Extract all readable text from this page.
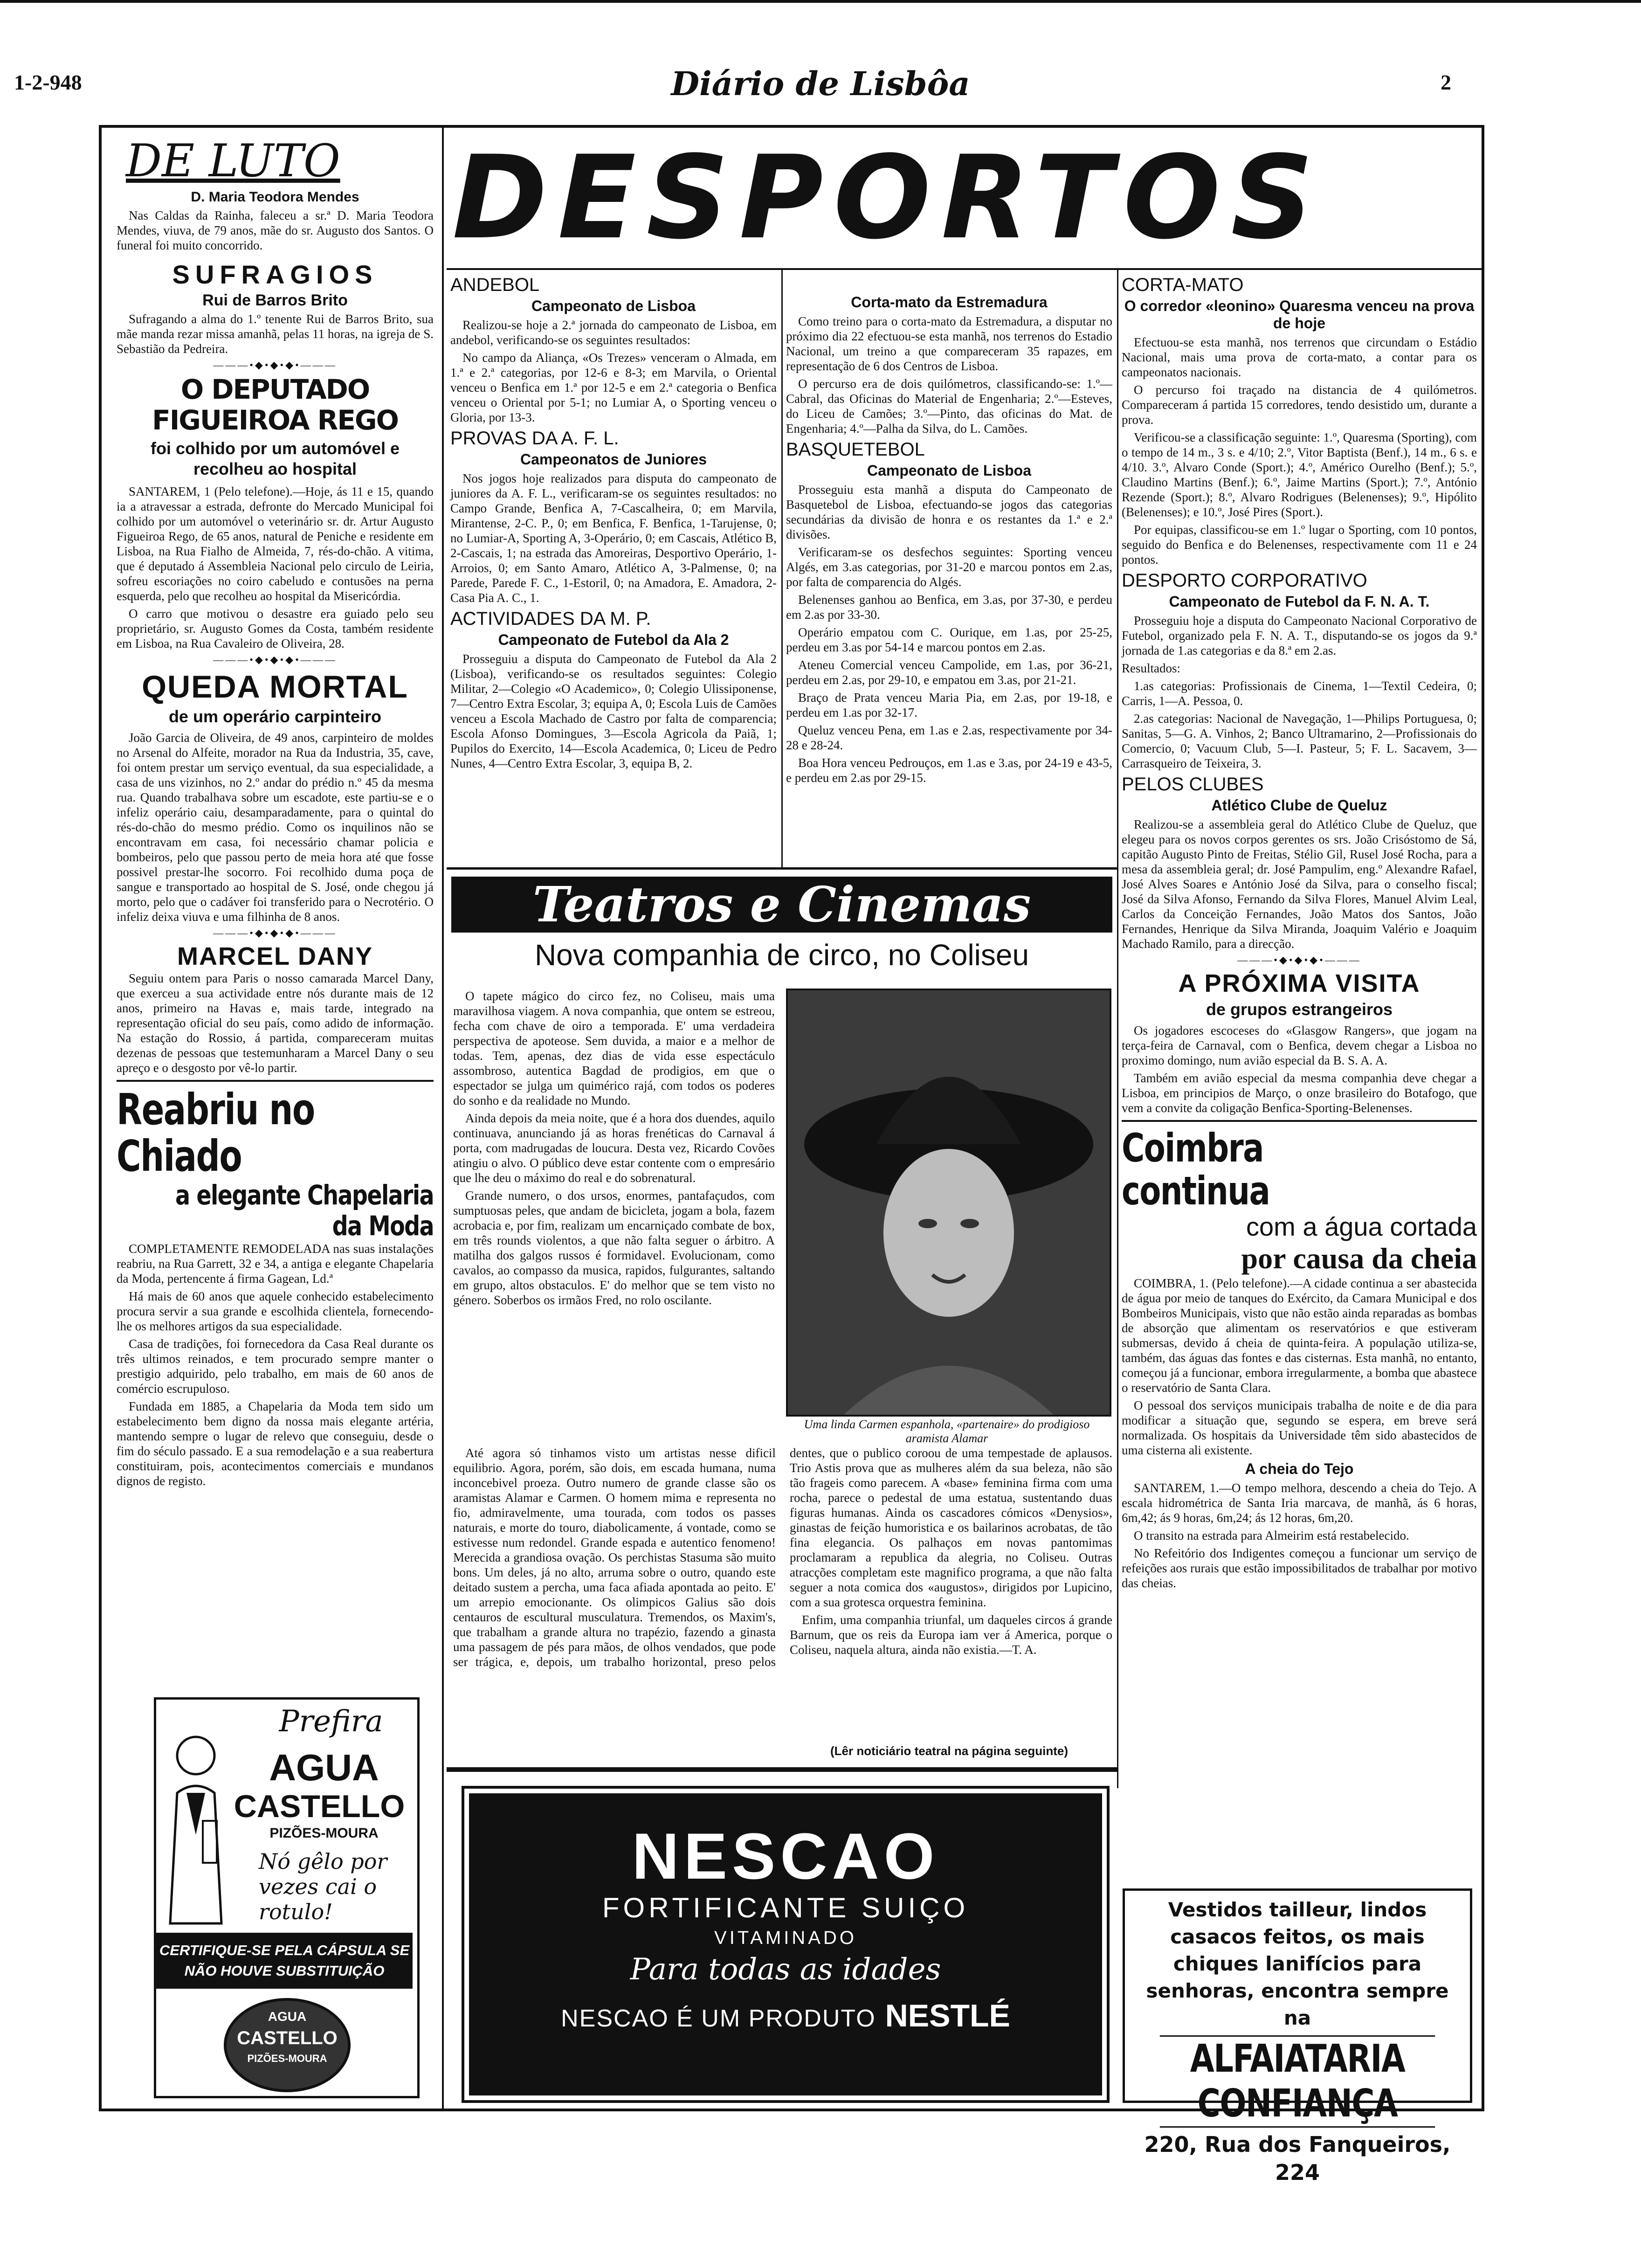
1-2-948	Diário de Lisbôa	2
DE LUTO
D. Maria Teodora Mendes

Nas Caldas da Rainha, faleceu a sr.ª D. Maria Teodora Mendes, viuva, de 79 anos, mãe do sr. Augusto dos Santos. O funeral foi muito concorrido.

SUFRAGIOS
Rui de Barros Brito

Sufragando a alma do 1.º tenente Rui de Barros Brito, sua mãe manda rezar missa amanhã, pelas 11 horas, na igreja de S. Sebastião da Pedreira.

———•◆•◆•◆•———
O DEPUTADO FIGUEIROA REGO
foi colhido por um automóvel e recolheu ao hospital

SANTAREM, 1 (Pelo telefone).—Hoje, ás 11 e 15, quando ia a atravessar a estrada, defronte do Mercado Municipal foi colhido por um automóvel o veterinário sr. dr. Artur Augusto Figueiroa Rego, de 65 anos, natural de Peniche e residente em Lisboa, na Rua Fialho de Almeida, 7, rés-do-chão. A vitima, que é deputado á Assembleia Nacional pelo circulo de Leiria, sofreu escoriações no coiro cabeludo e contusões na perna esquerda, pelo que recolheu ao hospital da Misericórdia.

O carro que motivou o desastre era guiado pelo seu proprietário, sr. Augusto Gomes da Costa, também residente em Lisboa, na Rua Cavaleiro de Oliveira, 28.

———•◆•◆•◆•———
QUEDA MORTAL
de um operário carpinteiro

João Garcia de Oliveira, de 49 anos, carpinteiro de moldes no Arsenal do Alfeite, morador na Rua da Industria, 35, cave, foi ontem prestar um serviço eventual, da sua especialidade, a casa de uns vizinhos, no 2.º andar do prédio n.º 45 da mesma rua. Quando trabalhava sobre um escadote, este partiu-se e o infeliz operário caiu, desamparadamente, para o quintal do rés-do-chão do mesmo prédio. Como os inquilinos não se encontravam em casa, foi necessário chamar policia e bombeiros, pelo que passou perto de meia hora até que fosse possivel prestar-lhe socorro. Foi recolhido duma poça de sangue e transportado ao hospital de S. José, onde chegou já morto, pelo que o cadáver foi transferido para o Necrotério. O infeliz deixa viuva e uma filhinha de 8 anos.

———•◆•◆•◆•———
MARCEL DANY

Seguiu ontem para Paris o nosso camarada Marcel Dany, que exerceu a sua actividade entre nós durante mais de 12 anos, primeiro na Havas e, mais tarde, integrado na representação oficial do seu país, como adido de informação. Na estação do Rossio, á partida, compareceram muitas dezenas de pessoas que testemunharam a Marcel Dany o seu apreço e o desgosto por vê-lo partir.

Reabriu no Chiado
a elegante Chapelaria da Moda

COMPLETAMENTE REMODELADA nas suas instalações reabriu, na Rua Garrett, 32 e 34, a antiga e elegante Chapelaria da Moda, pertencente á firma Gagean, Ld.ª

Há mais de 60 anos que aquele conhecido estabelecimento procura servir a sua grande e escolhida clientela, fornecendo-lhe os melhores artigos da sua especialidade.

Casa de tradições, foi fornecedora da Casa Real durante os três ultimos reinados, e tem procurado sempre manter o prestigio adquirido, pelo trabalho, em mais de 60 anos de comércio escrupuloso.

Fundada em 1885, a Chapelaria da Moda tem sido um estabelecimento bem digno da nossa mais elegante artéria, mantendo sempre o lugar de relevo que conseguiu, desde o fim do século passado. E a sua remodelação e a sua reabertura constituiram, pois, acontecimentos comerciais e mundanos dignos de registo.

Prefira
AGUA
CASTELLO
PIZÕES-MOURA
Nó gêlo por vezes cai o rotulo!
CERTIFIQUE-SE PELA CÁPSULA SE NÃO HOUVE SUBSTITUIÇÃO
AGUA
CASTELLO
PIZÕES-MOURA
DESPORTOS
ANDEBOL
Campeonato de Lisboa

Realizou-se hoje a 2.ª jornada do campeonato de Lisboa, em andebol, verificando-se os seguintes resultados:

No campo da Aliança, «Os Trezes» venceram o Almada, em 1.ª e 2.ª categorias, por 12-6 e 8-3; em Marvila, o Oriental venceu o Benfica em 1.ª por 12-5 e em 2.ª categoria o Benfica venceu o Oriental por 5-1; no Lumiar A, o Sporting venceu o Gloria, por 13-3.

PROVAS DA A. F. L.
Campeonatos de Juniores

Nos jogos hoje realizados para disputa do campeonato de juniores da A. F. L., verificaram-se os seguintes resultados: no Campo Grande, Benfica A, 7-Cascalheira, 0; em Marvila, Mirantense, 2-C. P., 0; em Benfica, F. Benfica, 1-Tarujense, 0; no Lumiar-A, Sporting A, 3-Operário, 0; em Cascais, Atlético B, 2-Cascais, 1; na estrada das Amoreiras, Desportivo Operário, 1-Arroios, 0; em Santo Amaro, Atlético A, 3-Palmense, 0; na Parede, Parede F. C., 1-Estoril, 0; na Amadora, E. Amadora, 2-Casa Pia A. C., 1.

ACTIVIDADES DA M. P.
Campeonato de Futebol da Ala 2

Prosseguiu a disputa do Campeonato de Futebol da Ala 2 (Lisboa), verificando-se os resultados seguintes: Colegio Militar, 2—Colegio «O Academico», 0; Colegio Ulissiponense, 7—Centro Extra Escolar, 3; equipa A, 0; Escola Luis de Camões venceu a Escola Machado de Castro por falta de comparencia; Escola Afonso Domingues, 3—Escola Agricola da Paiã, 1; Pupilos do Exercito, 14—Escola Academica, 0; Liceu de Pedro Nunes, 4—Centro Extra Escolar, 3, equipa B, 2.

Corta-mato da Estremadura

Como treino para o corta-mato da Estremadura, a disputar no próximo dia 22 efectuou-se esta manhã, nos terrenos do Estadio Nacional, um treino a que compareceram 35 rapazes, em representação de 6 dos Centros de Lisboa.

O percurso era de dois quilómetros, classificando-se: 1.º—Cabral, das Oficinas do Material de Engenharia; 2.º—Esteves, do Liceu de Camões; 3.º—Pinto, das oficinas do Mat. de Engenharia; 4.º—Palha da Silva, do L. Camões.

BASQUETEBOL
Campeonato de Lisboa

Prosseguiu esta manhã a disputa do Campeonato de Basquetebol de Lisboa, efectuando-se jogos das categorias secundárias da divisão de honra e os restantes da 1.ª e 2.ª divisões.

Verificaram-se os desfechos seguintes: Sporting venceu Algés, em 3.as categorias, por 31-20 e marcou pontos em 2.as, por falta de comparencia do Algés.

Belenenses ganhou ao Benfica, em 3.as, por 37-30, e perdeu em 2.as por 33-30.

Operário empatou com C. Ourique, em 1.as, por 25-25, perdeu em 3.as por 54-14 e marcou pontos em 2.as.

Ateneu Comercial venceu Campolide, em 1.as, por 36-21, perdeu em 2.as, por 29-10, e empatou em 3.as, por 21-21.

Braço de Prata venceu Maria Pia, em 2.as, por 19-18, e perdeu em 1.as por 32-17.

Queluz venceu Pena, em 1.as e 2.as, respectivamente por 34-28 e 28-24.

Boa Hora venceu Pedrouços, em 1.as e 3.as, por 24-19 e 43-5, e perdeu em 2.as por 29-15.

CORTA-MATO
O corredor «leonino» Quaresma venceu na prova de hoje

Efectuou-se esta manhã, nos terrenos que circundam o Estádio Nacional, mais uma prova de corta-mato, a contar para os campeonatos nacionais.

O percurso foi traçado na distancia de 4 quilómetros. Compareceram á partida 15 corredores, tendo desistido um, durante a prova.

Verificou-se a classificação seguinte: 1.º, Quaresma (Sporting), com o tempo de 14 m., 3 s. e 4/10; 2.º, Vitor Baptista (Benf.), 14 m., 6 s. e 4/10. 3.º, Alvaro Conde (Sport.); 4.º, Américo Ourelho (Benf.); 5.º, Claudino Martins (Benf.); 6.º, Jaime Martins (Sport.); 7.º, António Rezende (Sport.); 8.º, Alvaro Rodrigues (Belenenses); 9.º, Hipólito (Belenenses); e 10.º, José Pires (Sport.).

Por equipas, classificou-se em 1.º lugar o Sporting, com 10 pontos, seguido do Benfica e do Belenenses, respectivamente com 11 e 24 pontos.

DESPORTO CORPORATIVO
Campeonato de Futebol da F. N. A. T.

Prosseguiu hoje a disputa do Campeonato Nacional Corporativo de Futebol, organizado pela F. N. A. T., disputando-se os jogos da 9.ª jornada de 1.as categorias e da 8.ª em 2.as.

Resultados:

1.as categorias: Profissionais de Cinema, 1—Textil Cedeira, 0; Carris, 1—A. Pessoa, 0.

2.as categorias: Nacional de Navegação, 1—Philips Portuguesa, 0; Sanitas, 5—G. A. Vinhos, 2; Banco Ultramarino, 2—Profissionais do Comercio, 0; Vacuum Club, 5—I. Pasteur, 5; F. L. Sacavem, 3—Carrasqueiro de Teixeira, 3.

PELOS CLUBES
Atlético Clube de Queluz

Realizou-se a assembleia geral do Atlético Clube de Queluz, que elegeu para os novos corpos gerentes os srs. João Crisóstomo de Sá, capitão Augusto Pinto de Freitas, Stélio Gil, Rusel José Rocha, para a mesa da assembleia geral; dr. José Pampulim, eng.º Alexandre Rafael, José Alves Soares e António José da Silva, para o conselho fiscal; José da Silva Afonso, Fernando da Silva Flores, Manuel Alvim Leal, Carlos da Conceição Fernandes, João Matos dos Santos, João Fernandes, Henrique da Silva Miranda, Joaquim Valério e Joaquim Machado Ramilo, para a direcção.

———•◆•◆•◆•———
A PRÓXIMA VISITA
de grupos estrangeiros

Os jogadores escoceses do «Glasgow Rangers», que jogam na terça-feira de Carnaval, com o Benfica, devem chegar a Lisboa no proximo domingo, num avião especial da B. S. A. A.

Também em avião especial da mesma companhia deve chegar a Lisboa, em principios de Março, o onze brasileiro do Botafogo, que vem a convite da coligação Benfica-Sporting-Belenenses.

Coimbra continua
com a água cortada
por causa da cheia

COIMBRA, 1. (Pelo telefone).—A cidade continua a ser abastecida de água por meio de tanques do Exército, da Camara Municipal e dos Bombeiros Municipais, visto que não estão ainda reparadas as bombas de absorção que alimentam os reservatórios e que estiveram submersas, devido á cheia de quinta-feira. A população utiliza-se, também, das águas das fontes e das cisternas. Esta manhã, no entanto, começou já a funcionar, embora irregularmente, a bomba que abastece o reservatório de Santa Clara.

O pessoal dos serviços municipais trabalha de noite e de dia para modificar a situação que, segundo se espera, em breve será normalizada. Os hospitais da Universidade têm sido abastecidos de uma cisterna ali existente.

A cheia do Tejo

SANTAREM, 1.—O tempo melhora, descendo a cheia do Tejo. A escala hidrométrica de Santa Iria marcava, de manhã, ás 6 horas, 6m,42; ás 9 horas, 6m,24; ás 12 horas, 6m,20.

O transito na estrada para Almeirim está restabelecido.

No Refeitório dos Indigentes começou a funcionar um serviço de refeições aos rurais que estão impossibilitados de trabalhar por motivo das cheias.

Vestidos tailleur, lindos casacos feitos, os mais chiques lanifícios para senhoras, encontra sempre na
ALFAIATARIA CONFIANÇA
220, Rua dos Fanqueiros, 224
Teatros e Cinemas
Nova companhia de circo, no Coliseu

O tapete mágico do circo fez, no Coliseu, mais uma maravilhosa viagem. A nova companhia, que ontem se estreou, fecha com chave de oiro a temporada. E' uma verdadeira perspectiva de apoteose. Sem duvida, a maior e a melhor de todas. Tem, apenas, dez dias de vida esse espectáculo assombroso, autentica Bagdad de prodigios, em que o espectador se julga um quimérico rajá, com todos os poderes do sonho e da realidade no Mundo.

Ainda depois da meia noite, que é a hora dos duendes, aquilo continuava, anunciando já as horas frenéticas do Carnaval á porta, com madrugadas de loucura. Desta vez, Ricardo Covões atingiu o alvo. O público deve estar contente com o empresário que lhe deu o máximo do real e do sobrenatural.

Grande numero, o dos ursos, enormes, pantafaçudos, com sumptuosas peles, que andam de bicicleta, jogam a bola, fazem acrobacia e, por fim, realizam um encarniçado combate de box, em três rounds violentos, a que não falta seguer o árbitro. A matilha dos galgos russos é formidavel. Evolucionam, como cavalos, ao compasso da musica, rapidos, fulgurantes, saltando em grupo, altos obstaculos. E' do melhor que se tem visto no género. Soberbos os irmãos Fred, no rolo oscilante.

Uma linda Carmen espanhola, «partenaire» do prodigioso aramista Alamar

Até agora só tinhamos visto um artistas nesse dificil equilibrio. Agora, porém, são dois, em escada humana, numa inconcebivel proeza. Outro numero de grande classe são os aramistas Alamar e Carmen. O homem mima e representa no fio, admiravelmente, uma tourada, com todos os passes naturais, e morte do touro, diabolicamente, á vontade, como se estivesse num redondel. Grande espada e autentico fenomeno! Merecida a grandiosa ovação. Os perchistas Stasuma são muito bons. Um deles, já no alto, arruma sobre o outro, quando este deitado sustem a percha, uma faca afiada apontada ao peito. E' um arrepio emocionante. Os olimpicos Galius são dois centauros de escultural musculatura. Tremendos, os Maxim's, que trabalham a grande altura no trapézio, fazendo a ginasta uma passagem de pés para mãos, de olhos vendados, que pode ser trágica, e, depois, um trabalho horizontal, preso pelos dentes, que o publico coroou de uma tempestade de aplausos. Trio Astis prova que as mulheres além da sua beleza, não são tão frageis como parecem. A «base» feminina firma com uma rocha, parece o pedestal de uma estatua, sustentando duas figuras humanas. Ainda os cascadores cómicos «Denysios», ginastas de feição humoristica e os bailarinos acrobatas, de tão fina elegancia. Os palhaços em novas pantomimas proclamaram a republica da alegria, no Coliseu. Outras atracções completam este magnifico programa, a que não falta seguer a nota comica dos «augustos», dirigidos por Lupicino, com a sua grotesca orquestra feminina.

Enfim, uma companhia triunfal, um daqueles circos á grande Barnum, que os reis da Europa iam ver á America, porque o Coliseu, naquela altura, ainda não existia.—T. A.

(Lêr noticiário teatral na página seguinte)
NESCAO
FORTIFICANTE SUIÇO
VITAMINADO
Para todas as idades
NESCAO É UM PRODUTO NESTLÉ
